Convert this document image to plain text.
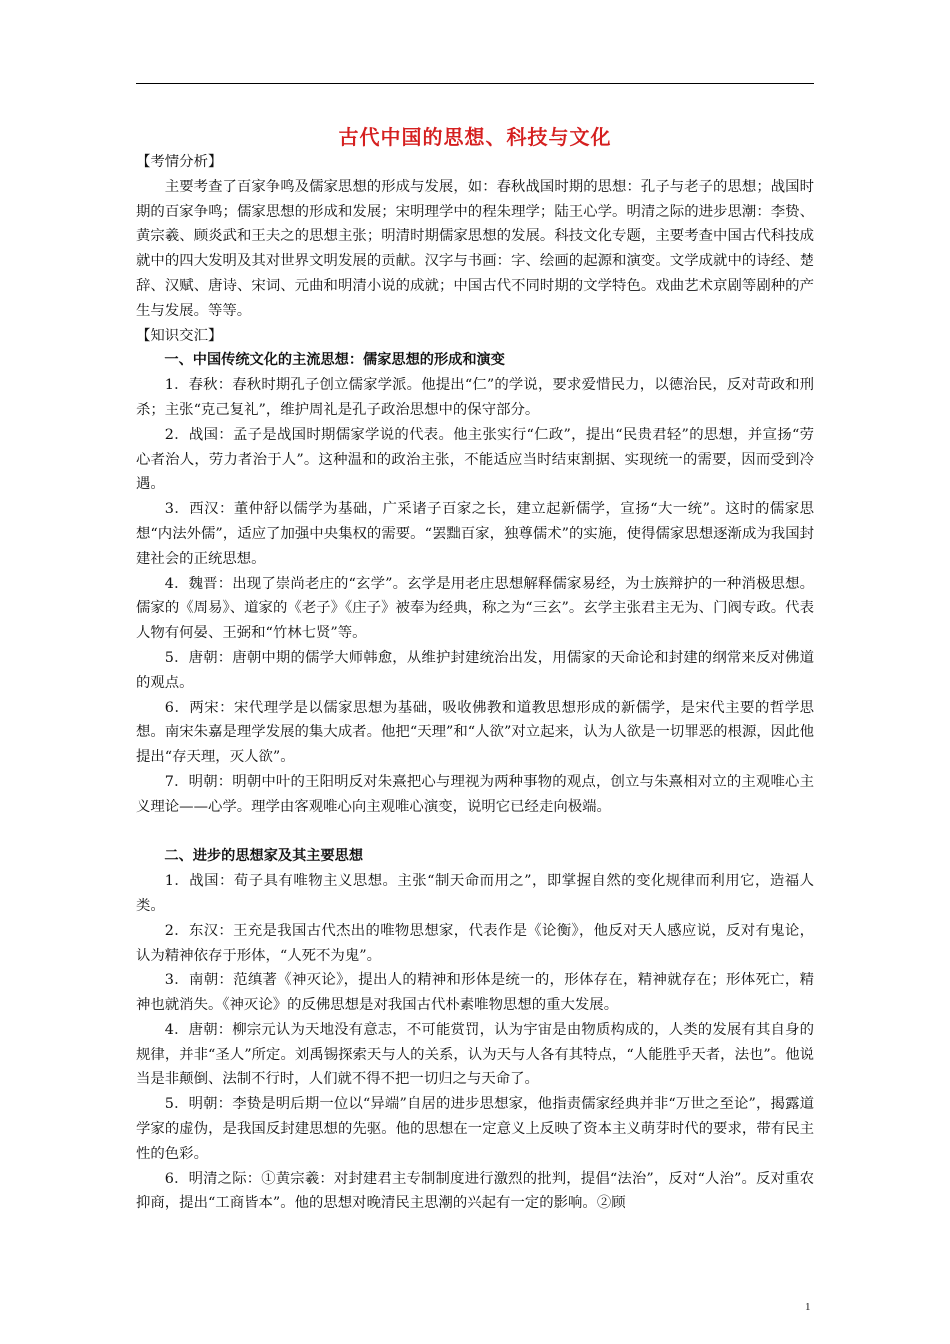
古代中国的思想、科技与文化

【考情分析】

主要考查了百家争鸣及儒家思想的形成与发展，如：春秋战国时期的思想：孔子与老子的思想；战国时期的百家争鸣；儒家思想的形成和发展；宋明理学中的程朱理学；陆王心学。明清之际的进步思潮：李贽、黄宗羲、顾炎武和王夫之的思想主张；明清时期儒家思想的发展。科技文化专题，主要考查中国古代科技成就中的四大发明及其对世界文明发展的贡献。汉字与书画：字、绘画的起源和演变。文学成就中的诗经、楚辞、汉赋、唐诗、宋词、元曲和明清小说的成就；中国古代不同时期的文学特色。戏曲艺术京剧等剧种的产生与发展。等等。

【知识交汇】

一、中国传统文化的主流思想：儒家思想的形成和演变

1．春秋：春秋时期孔子创立儒家学派。他提出“仁”的学说，要求爱惜民力，以德治民，反对苛政和刑杀；主张“克己复礼”，维护周礼是孔子政治思想中的保守部分。

2．战国：孟子是战国时期儒家学说的代表。他主张实行“仁政”，提出“民贵君轻”的思想，并宣扬“劳心者治人，劳力者治于人”。这种温和的政治主张，不能适应当时结束割据、实现统一的需要，因而受到冷遇。

3．西汉：董仲舒以儒学为基础，广采诸子百家之长，建立起新儒学，宣扬“大一统”。这时的儒家思想“内法外儒”，适应了加强中央集权的需要。“罢黜百家，独尊儒术”的实施，使得儒家思想逐渐成为我国封建社会的正统思想。

4．魏晋：出现了崇尚老庄的“玄学”。玄学是用老庄思想解释儒家易经，为士族辩护的一种消极思想。儒家的《周易》、道家的《老子》《庄子》被奉为经典，称之为“三玄”。玄学主张君主无为、门阀专政。代表人物有何晏、王弼和“竹林七贤”等。

5．唐朝：唐朝中期的儒学大师韩愈，从维护封建统治出发，用儒家的天命论和封建的纲常来反对佛道的观点。

6．两宋：宋代理学是以儒家思想为基础，吸收佛教和道教思想形成的新儒学，是宋代主要的哲学思想。南宋朱嘉是理学发展的集大成者。他把“天理”和“人欲”对立起来，认为人欲是一切罪恶的根源，因此他提出“存天理，灭人欲”。

7．明朝：明朝中叶的王阳明反对朱熹把心与理视为两种事物的观点，创立与朱熹相对立的主观唯心主义理论——心学。理学由客观唯心向主观唯心演变，说明它已经走向极端。

二、进步的思想家及其主要思想

1．战国：荀子具有唯物主义思想。主张“制天命而用之”，即掌握自然的变化规律而利用它，造福人类。

2．东汉：王充是我国古代杰出的唯物思想家，代表作是《论衡》，他反对天人感应说，反对有鬼论，认为精神依存于形体，“人死不为鬼”。

3．南朝：范缜著《神灭论》，提出人的精神和形体是统一的，形体存在，精神就存在；形体死亡，精神也就消失。《神灭论》的反佛思想是对我国古代朴素唯物思想的重大发展。

4．唐朝：柳宗元认为天地没有意志，不可能赏罚，认为宇宙是由物质构成的，人类的发展有其自身的规律，并非“圣人”所定。刘禹锡探索天与人的关系，认为天与人各有其特点，“人能胜乎天者，法也”。他说当是非颠倒、法制不行时，人们就不得不把一切归之与天命了。

5．明朝：李贽是明后期一位以“异端”自居的进步思想家，他指责儒家经典并非“万世之至论”，揭露道学家的虚伪，是我国反封建思想的先驱。他的思想在一定意义上反映了资本主义萌芽时代的要求，带有民主性的色彩。

6．明清之际：①黄宗羲：对封建君主专制制度进行激烈的批判，提倡“法治”，反对“人治”。反对重农抑商，提出“工商皆本”。他的思想对晚清民主思潮的兴起有一定的影响。②顾

1
